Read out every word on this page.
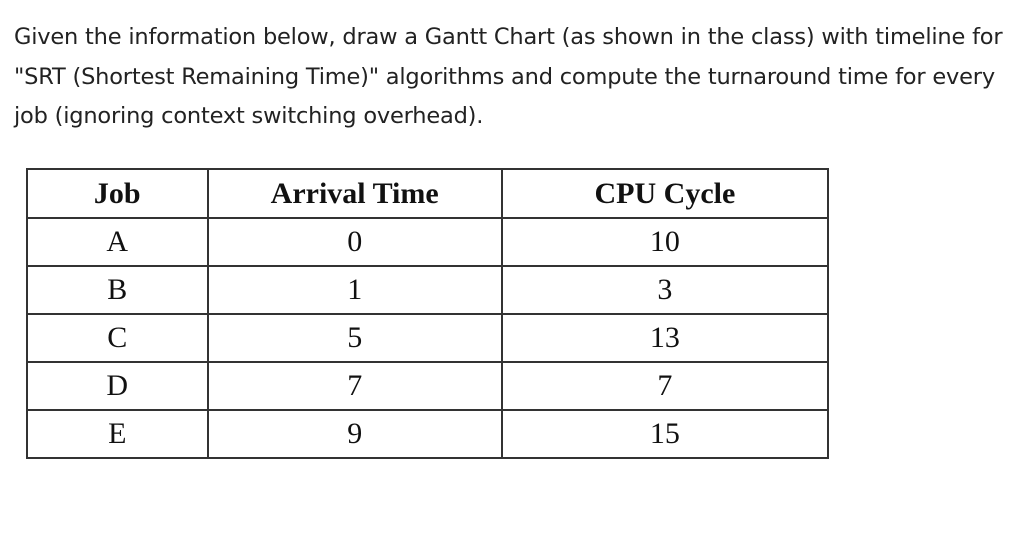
Given the information below, draw a Gantt Chart (as shown in the class) with timeline for "SRT (Shortest Remaining Time)" algorithms and compute the turnaround time for every job (ignoring context switching overhead).

Job	Arrival Time	CPU Cycle
A	0	10
B	1	3
C	5	13
D	7	7
E	9	15
